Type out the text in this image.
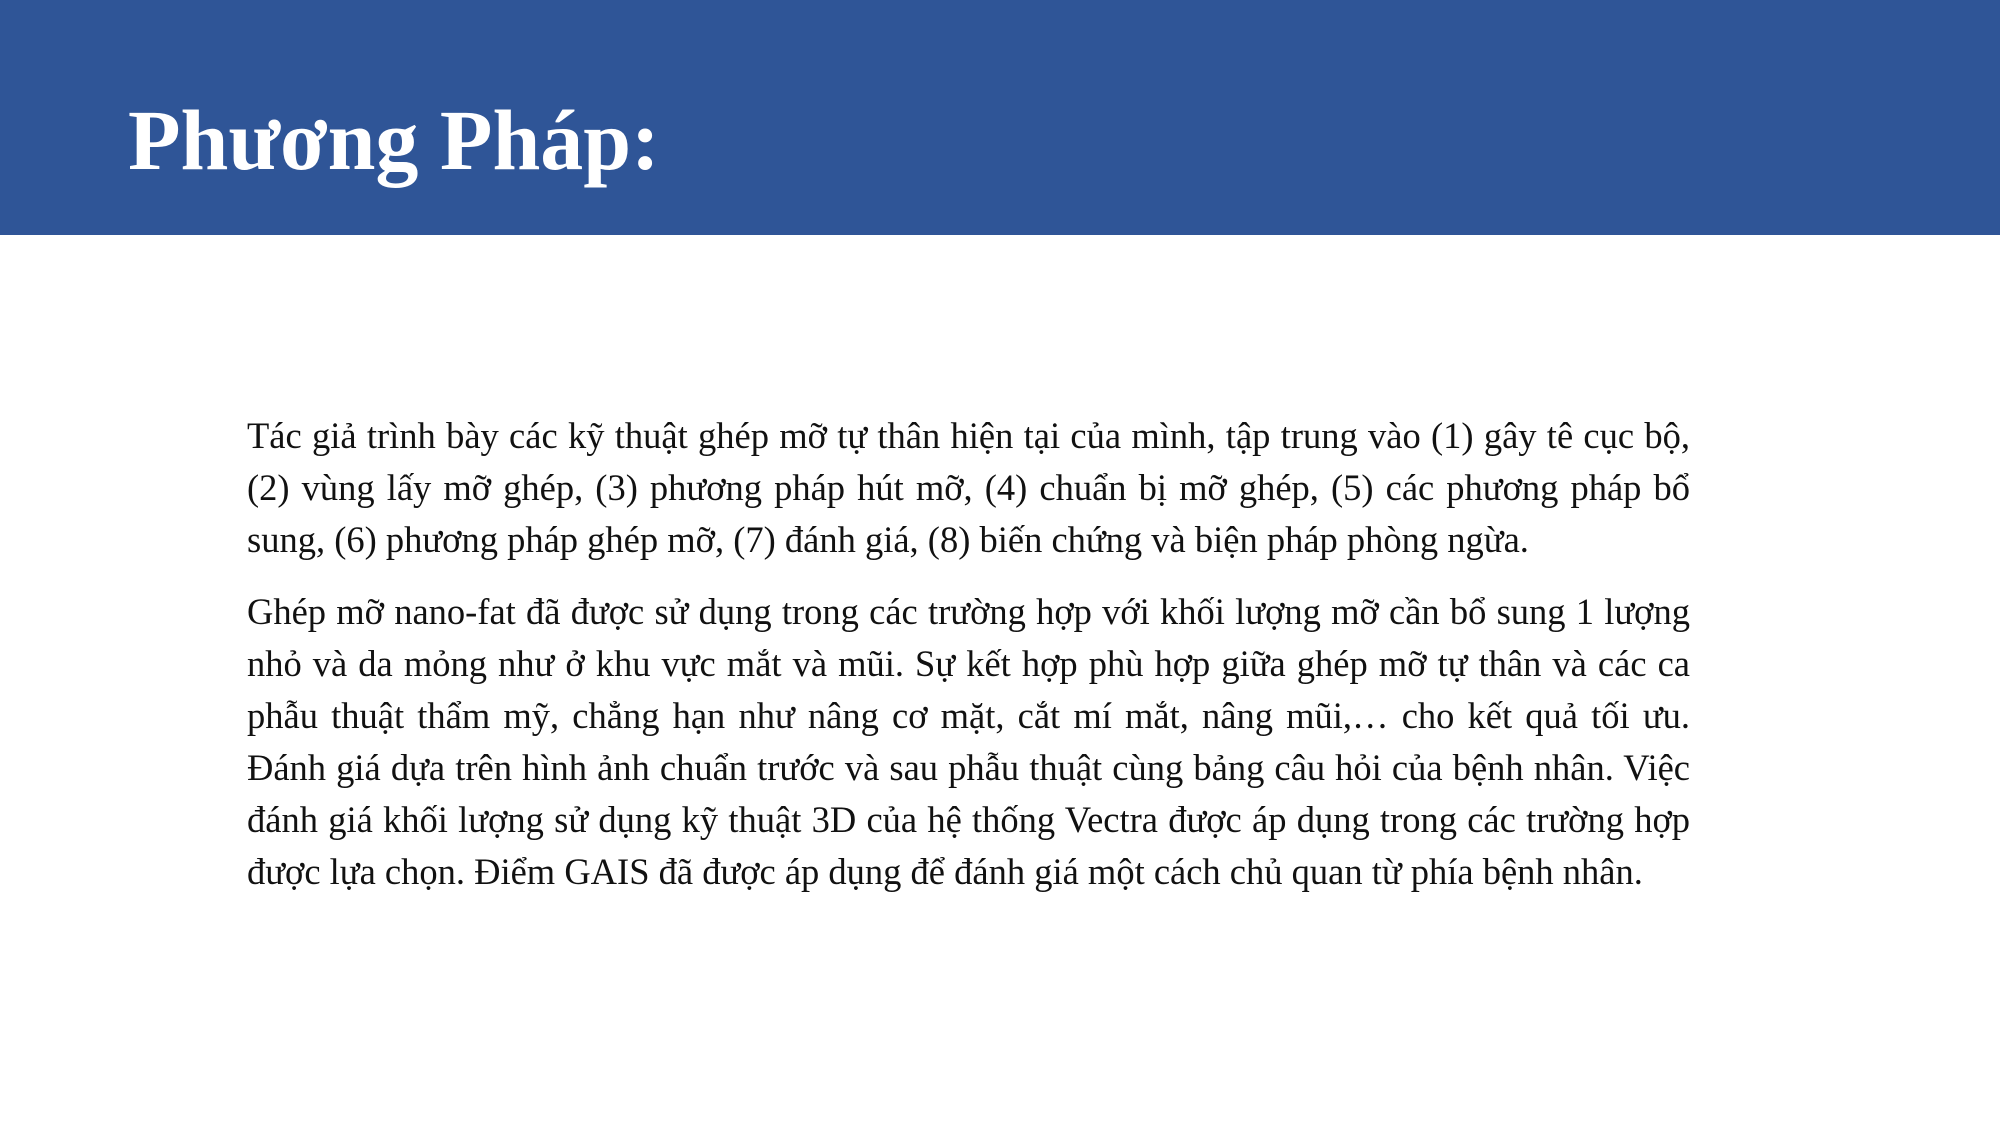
Phương Pháp:

Tác giả trình bày các kỹ thuật ghép mỡ tự thân hiện tại của mình, tập trung vào (1) gây tê cục bộ, (2) vùng lấy mỡ ghép, (3) phương pháp hút mỡ, (4) chuẩn bị mỡ ghép, (5) các phương pháp bổ sung, (6) phương pháp ghép mỡ, (7) đánh giá, (8) biến chứng và biện pháp phòng ngừa.

Ghép mỡ nano-fat đã được sử dụng trong các trường hợp với khối lượng mỡ cần bổ sung 1 lượng nhỏ và da mỏng như ở khu vực mắt và mũi. Sự kết hợp phù hợp giữa ghép mỡ tự thân và các ca phẫu thuật thẩm mỹ, chẳng hạn như nâng cơ mặt, cắt mí mắt, nâng mũi,… cho kết quả tối ưu. Đánh giá dựa trên hình ảnh chuẩn trước và sau phẫu thuật cùng bảng câu hỏi của bệnh nhân. Việc đánh giá khối lượng sử dụng kỹ thuật 3D của hệ thống Vectra được áp dụng trong các trường hợp được lựa chọn. Điểm GAIS đã được áp dụng để đánh giá một cách chủ quan từ phía bệnh nhân.
